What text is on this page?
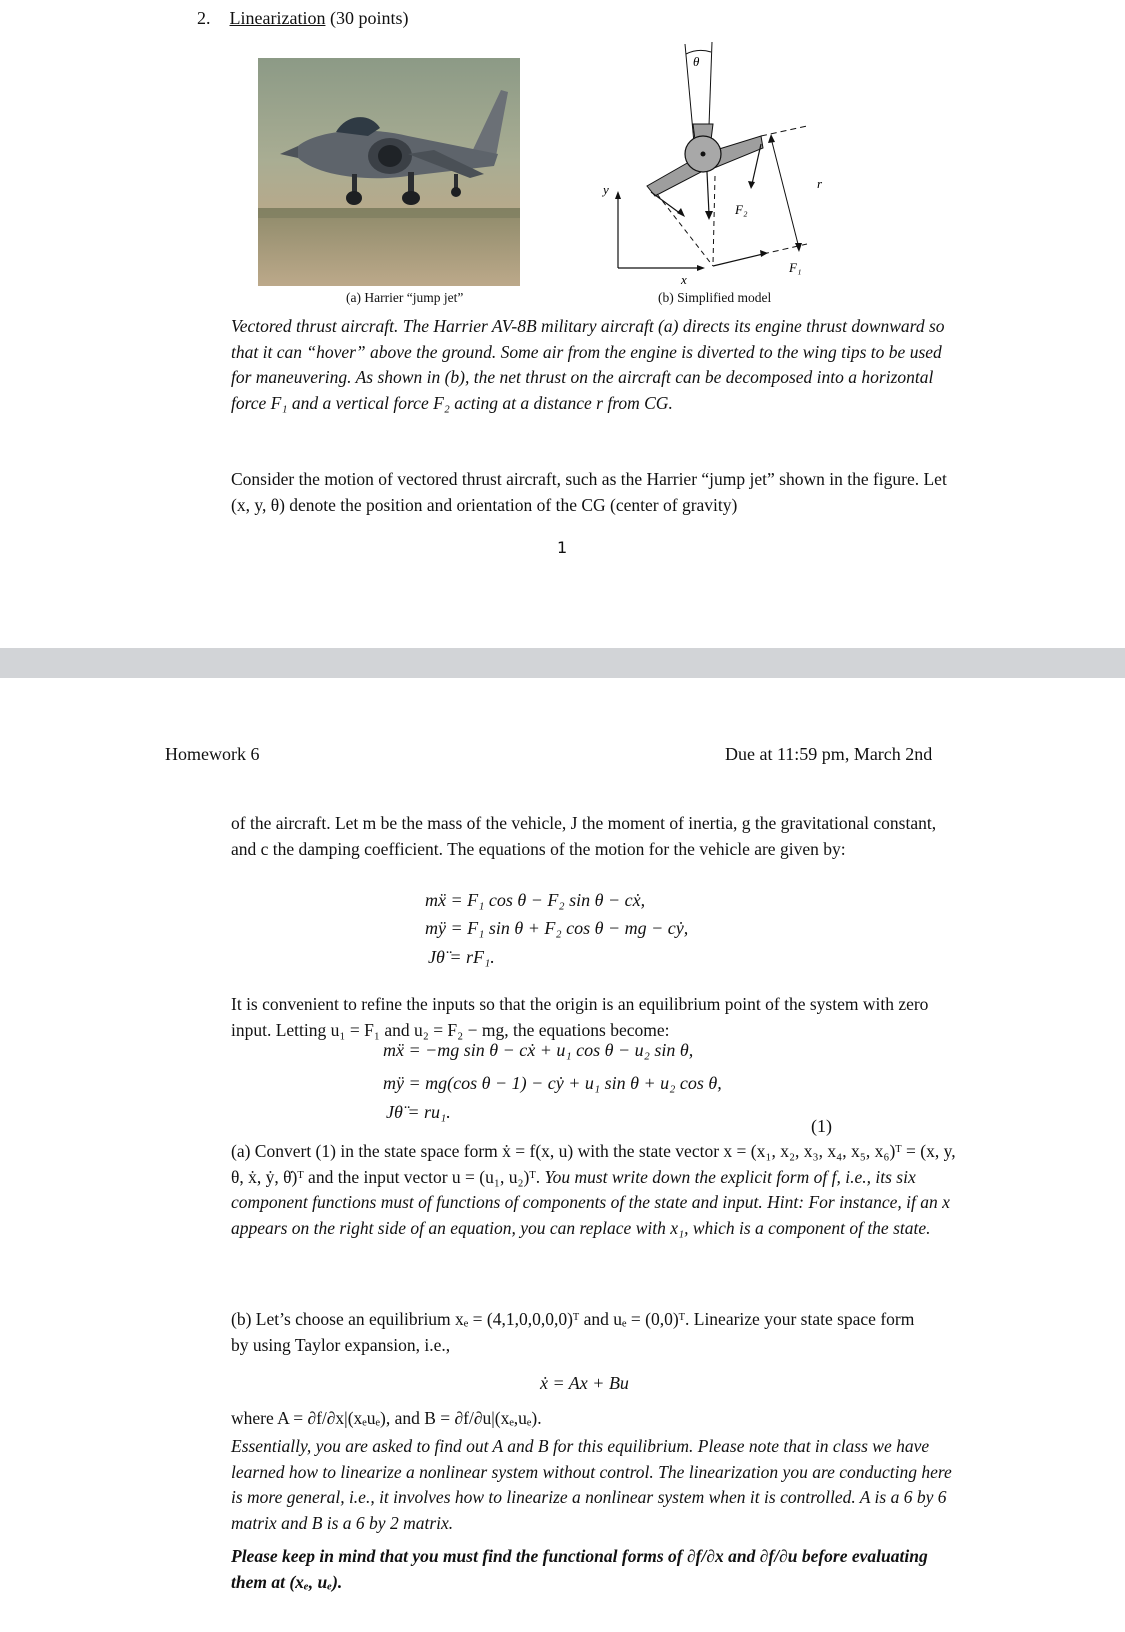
2. Linearization (30 points)
θ
y
x
r
F₁
F₂
(a) Harrier “jump jet”	(b) Simplified model
Vectored thrust aircraft. The Harrier AV-8B military aircraft (a) directs its engine thrust downward so that it can “hover” above the ground. Some air from the engine is diverted to the wing tips to be used for maneuvering. As shown in (b), the net thrust on the aircraft can be decomposed into a horizontal force F₁ and a vertical force F₂ acting at a distance r from CG.
Consider the motion of vectored thrust aircraft, such as the Harrier “jump jet” shown in the figure. Let (x, y, θ) denote the position and orientation of the CG (center of gravity)
1
Homework 6	Due at 11:59 pm, March 2nd
of the aircraft. Let m be the mass of the vehicle, J the moment of inertia, g the gravitational constant, and c the damping coefficient. The equations of the motion for the vehicle are given by:
mẍ = F₁ cos θ − F₂ sin θ − cẋ,
mÿ = F₁ sin θ + F₂ cos θ − mg − cẏ,
Jθ̈ = rF₁.
It is convenient to refine the inputs so that the origin is an equilibrium point of the system with zero input. Letting u₁ = F₁ and u₂ = F₂ − mg, the equations become:
mẍ = −mg sin θ − cẋ + u₁ cos θ − u₂ sin θ,
mÿ = mg(cos θ − 1) − cẏ + u₁ sin θ + u₂ cos θ,
Jθ̈ = ru₁.
(1)
(a) Convert (1) in the state space form ẋ = f(x, u) with the state vector x = (x₁, x₂, x₃, x₄, x₅, x₆)ᵀ = (x, y, θ, ẋ, ẏ, θ̇)ᵀ and the input vector u = (u₁, u₂)ᵀ. You must write down the explicit form of f, i.e., its six component functions must of functions of components of the state and input. Hint: For instance, if an x appears on the right side of an equation, you can replace with x₁, which is a component of the state.
(b) Let’s choose an equilibrium xₑ = (4,1,0,0,0,0)ᵀ and uₑ = (0,0)ᵀ. Linearize your state space form by using Taylor expansion, i.e.,
ẋ = Ax + Bu
where A = ∂f/∂x|(xₑuₑ), and B = ∂f/∂u|(xₑ,uₑ).
Essentially, you are asked to find out A and B for this equilibrium. Please note that in class we have learned how to linearize a nonlinear system without control. The linearization you are conducting here is more general, i.e., it involves how to linearize a nonlinear system when it is controlled. A is a 6 by 6 matrix and B is a 6 by 2 matrix.
Please keep in mind that you must find the functional forms of ∂f/∂x and ∂f/∂u before evaluating them at (xₑ, uₑ).
